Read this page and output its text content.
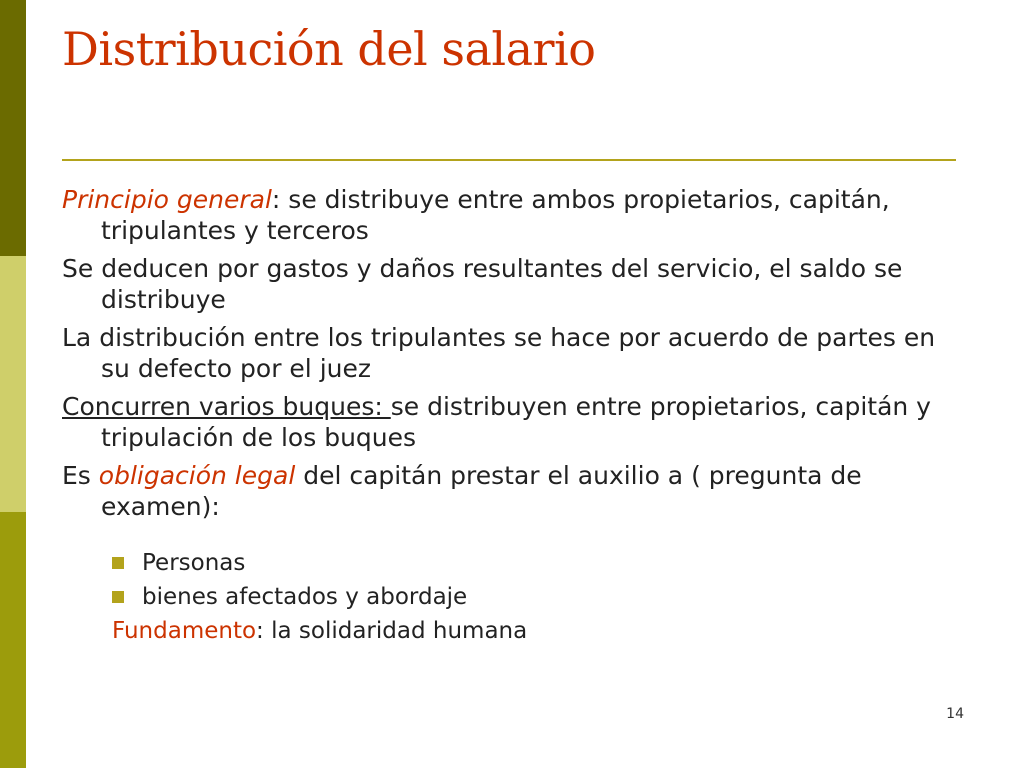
Distribución del salario
Principio general: se distribuye entre ambos propietarios, capitán, tripulantes y terceros
Se deducen por gastos y daños resultantes del servicio, el saldo se distribuye
La distribución entre los tripulantes se hace por acuerdo de partes en su defecto por el juez
Concurren varios buques: se distribuyen entre propietarios, capitán y tripulación de los buques
Es obligación legal del capitán prestar el auxilio a ( pregunta de examen):
Personas
bienes afectados y abordaje
Fundamento: la solidaridad humana
14
